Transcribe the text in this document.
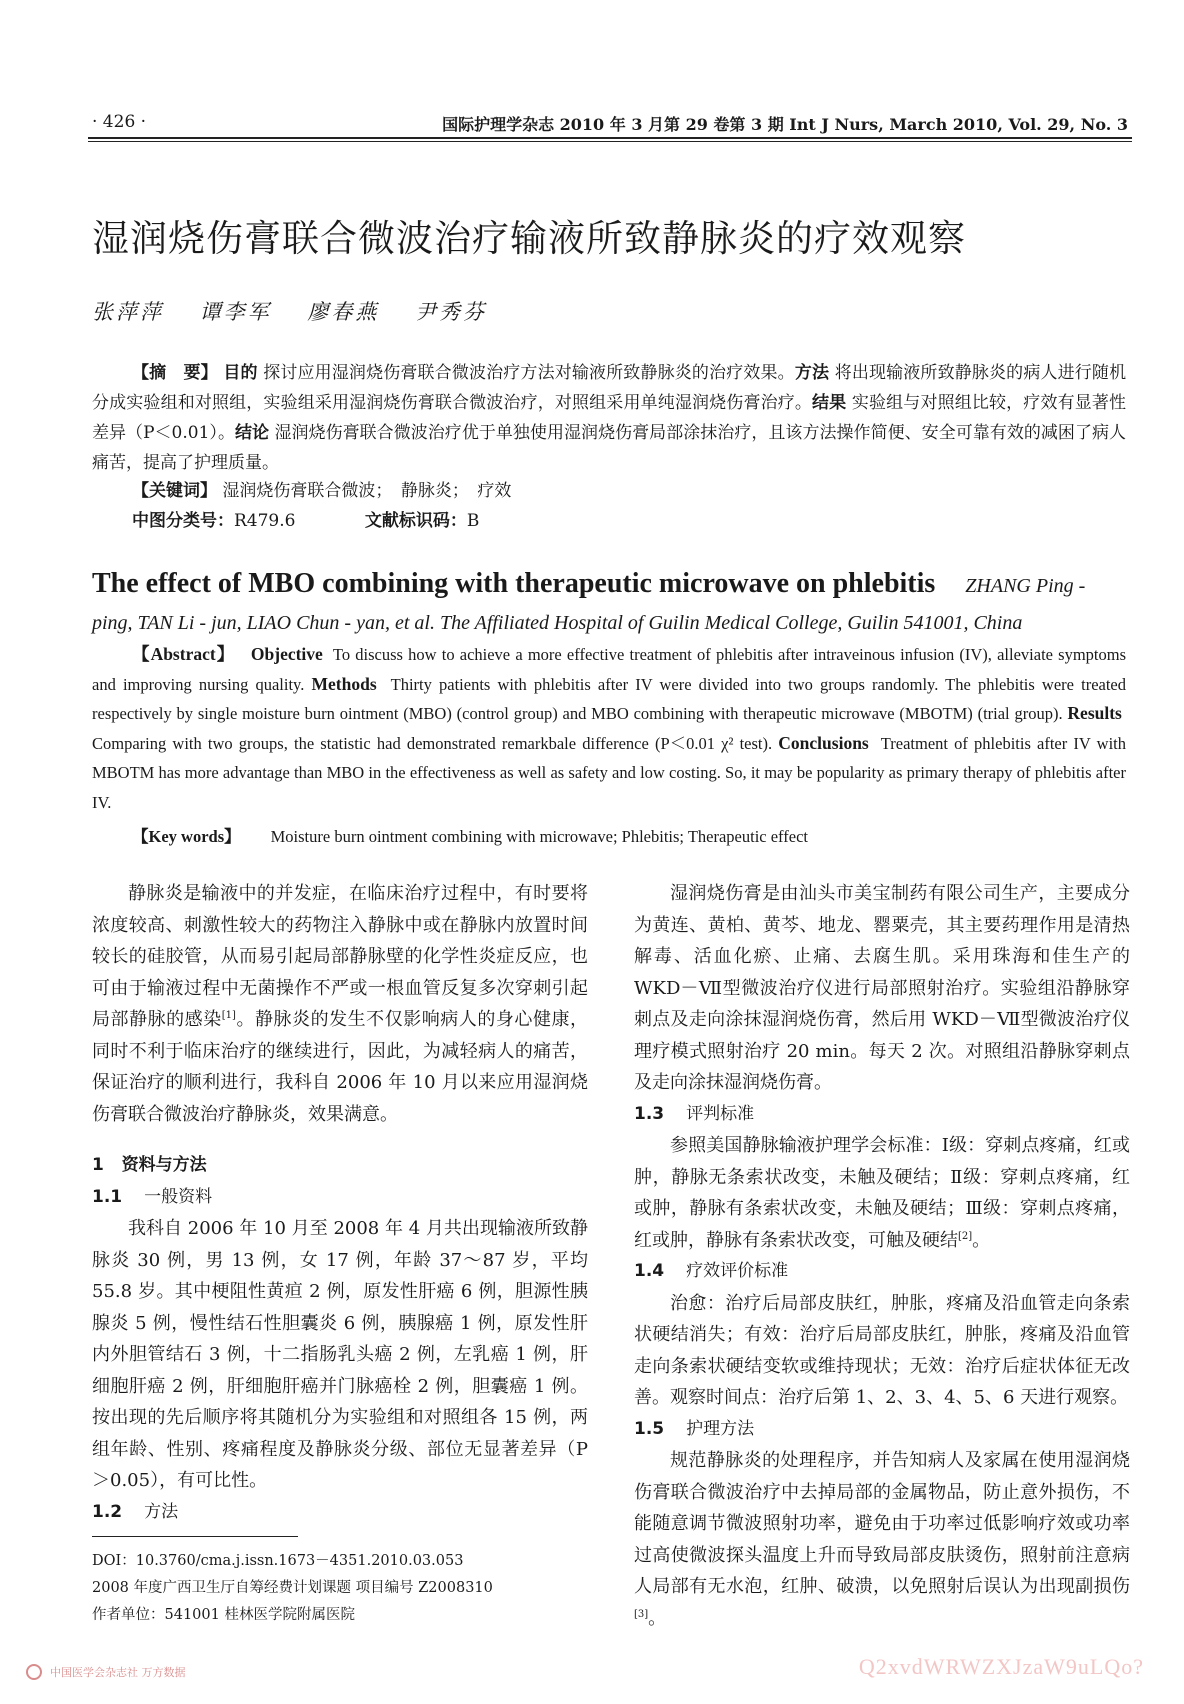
· 426 ·	国际护理学杂志 2010 年 3 月第 29 卷第 3 期 Int J Nurs, March 2010, Vol. 29, No. 3
湿润烧伤膏联合微波治疗输液所致静脉炎的疗效观察
张萍萍 谭李军 廖春燕 尹秀芬
【摘　要】 目的 探讨应用湿润烧伤膏联合微波治疗方法对输液所致静脉炎的治疗效果。方法 将出现输液所致静脉炎的病人进行随机分成实验组和对照组，实验组采用湿润烧伤膏联合微波治疗，对照组采用单纯湿润烧伤膏治疗。结果 实验组与对照组比较，疗效有显著性差异（P＜0.01）。结论 湿润烧伤膏联合微波治疗优于单独使用湿润烧伤膏局部涂抹治疗，且该方法操作简便、安全可靠有效的减困了病人痛苦，提高了护理质量。
【关键词】 湿润烧伤膏联合微波；　静脉炎；　疗效
中图分类号：R479.6	文献标识码：B
The effect of MBO combining with therapeutic microwave on phlebitis ZHANG Ping -
ping, TAN Li - jun, LIAO Chun - yan, et al. The Affiliated Hospital of Guilin Medical College, Guilin 541001, China
【Abstract】 Objective To discuss how to achieve a more effective treatment of phlebitis after intraveinous infusion (IV), alleviate symptoms and improving nursing quality. Methods Thirty patients with phlebitis after IV were divided into two groups randomly. The phlebitis were treated respectively by single moisture burn ointment (MBO) (control group) and MBO combining with therapeutic microwave (MBOTM) (trial group). Results  Comparing with two groups, the statistic had demonstrated remarkbale difference (P＜0.01 χ² test). Conclusions Treatment of phlebitis after IV with MBOTM has more advantage than MBO in the effectiveness as well as safety and low costing. So, it may be popularity as primary therapy of phlebitis after IV.
【Key words】 Moisture burn ointment combining with microwave; Phlebitis; Therapeutic effect

静脉炎是输液中的并发症，在临床治疗过程中，有时要将浓度较高、刺激性较大的药物注入静脉中或在静脉内放置时间较长的硅胶管，从而易引起局部静脉壁的化学性炎症反应，也可由于输液过程中无菌操作不严或一根血管反复多次穿刺引起局部静脉的感染[1]。静脉炎的发生不仅影响病人的身心健康，同时不利于临床治疗的继续进行，因此，为减轻病人的痛苦，保证治疗的顺利进行，我科自 2006 年 10 月以来应用湿润烧伤膏联合微波治疗静脉炎，效果满意。

1 资料与方法

1.1 一般资料

我科自 2006 年 10 月至 2008 年 4 月共出现输液所致静脉炎 30 例，男 13 例，女 17 例，年龄 37～87 岁，平均 55.8 岁。其中梗阻性黄疸 2 例，原发性肝癌 6 例，胆源性胰腺炎 5 例，慢性结石性胆囊炎 6 例，胰腺癌 1 例，原发性肝内外胆管结石 3 例，十二指肠乳头癌 2 例，左乳癌 1 例，肝细胞肝癌 2 例，肝细胞肝癌并门脉癌栓 2 例，胆囊癌 1 例。按出现的先后顺序将其随机分为实验组和对照组各 15 例，两组年龄、性别、疼痛程度及静脉炎分级、部位无显著差异（P＞0.05），有可比性。

1.2 方法

湿润烧伤膏是由汕头市美宝制药有限公司生产，主要成分为黄连、黄柏、黄芩、地龙、罂粟壳，其主要药理作用是清热解毒、活血化瘀、止痛、去腐生肌。采用珠海和佳生产的 WKD－Ⅶ型微波治疗仪进行局部照射治疗。实验组沿静脉穿刺点及走向涂抹湿润烧伤膏，然后用 WKD－Ⅶ型微波治疗仪理疗模式照射治疗 20 min。每天 2 次。对照组沿静脉穿刺点及走向涂抹湿润烧伤膏。

1.3 评判标准

参照美国静脉输液护理学会标准：Ⅰ级：穿刺点疼痛，红或肿，静脉无条索状改变，未触及硬结；Ⅱ级：穿刺点疼痛，红或肿，静脉有条索状改变，未触及硬结；Ⅲ级：穿刺点疼痛，红或肿，静脉有条索状改变，可触及硬结[2]。

1.4 疗效评价标准

治愈：治疗后局部皮肤红，肿胀，疼痛及沿血管走向条索状硬结消失；有效：治疗后局部皮肤红，肿胀，疼痛及沿血管走向条索状硬结变软或维持现状；无效：治疗后症状体征无改善。观察时间点：治疗后第 1、2、3、4、5、6 天进行观察。

1.5 护理方法

规范静脉炎的处理程序，并告知病人及家属在使用湿润烧伤膏联合微波治疗中去掉局部的金属物品，防止意外损伤，不能随意调节微波照射功率，避免由于功率过低影响疗效或功率过高使微波探头温度上升而导致局部皮肤烫伤，照射前注意病人局部有无水泡，红肿、破溃，以免照射后误认为出现副损伤[3]。

DOI：10.3760/cma.j.issn.1673－4351.2010.03.053
2008 年度广西卫生厅自筹经费计划课题 项目编号 Z2008310
作者单位：541001 桂林医学院附属医院
中国医学会杂志社 万方数据	Q2xvdWRWZXJzaW9uLQo?
